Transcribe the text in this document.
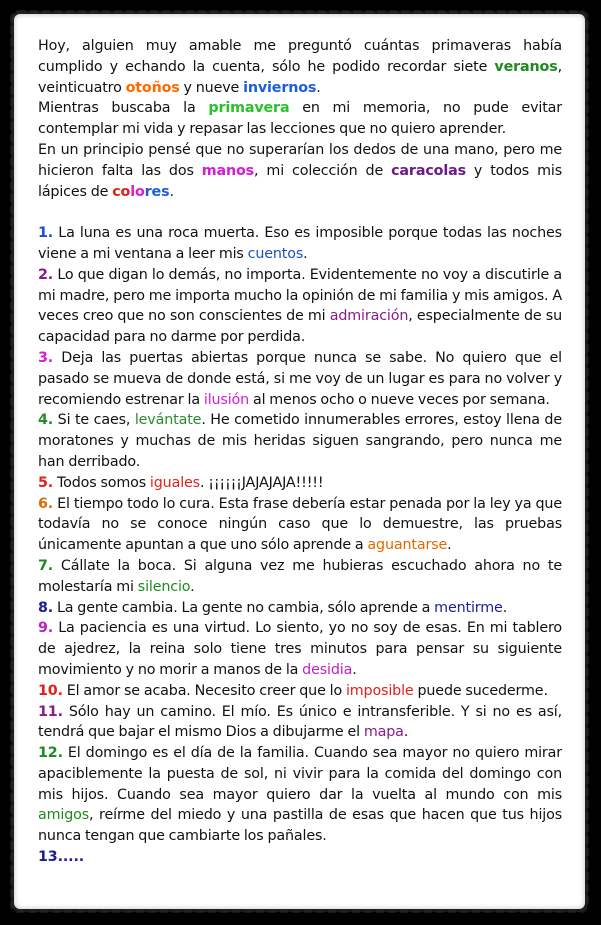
Hoy, alguien muy amable me preguntó cuántas primaveras había cumplido y echando la cuenta, sólo he podido recordar siete veranos, veinticuatro otoños y nueve inviernos.

Mientras buscaba la primavera en mi memoria, no pude evitar contemplar mi vida y repasar las lecciones que no quiero aprender.

En un principio pensé que no superarían los dedos de una mano, pero me hicieron falta las dos manos, mi colección de caracolas y todos mis lápices de colores.

1. La luna es una roca muerta. Eso es imposible porque todas las noches viene a mi ventana a leer mis cuentos.

2. Lo que digan lo demás, no importa. Evidentemente no voy a discutirle a mi madre, pero me importa mucho la opinión de mi familia y mis amigos. A veces creo que no son conscientes de mi admiración, especialmente de su capacidad para no darme por perdida.

3. Deja las puertas abiertas porque nunca se sabe. No quiero que el pasado se mueva de donde está, si me voy de un lugar es para no volver y recomiendo estrenar la ilusión al menos ocho o nueve veces por semana.

4. Si te caes, levántate. He cometido innumerables errores, estoy llena de moratones y muchas de mis heridas siguen sangrando, pero nunca me han derribado.

5. Todos somos iguales. ¡¡¡¡¡¡JAJAJAJA!!!!!

6. El tiempo todo lo cura. Esta frase debería estar penada por la ley ya que todavía no se conoce ningún caso que lo demuestre, las pruebas únicamente apuntan a que uno sólo aprende a aguantarse.

7. Cállate la boca. Si alguna vez me hubieras escuchado ahora no te molestaría mi silencio.

8. La gente cambia. La gente no cambia, sólo aprende a mentirme.

9. La paciencia es una virtud. Lo siento, yo no soy de esas. En mi tablero de ajedrez, la reina solo tiene tres minutos para pensar su siguiente movimiento y no morir a manos de la desidia.

10. El amor se acaba. Necesito creer que lo imposible puede sucederme.

11. Sólo hay un camino. El mío. Es único e intransferible. Y si no es así, tendrá que bajar el mismo Dios a dibujarme el mapa.

12. El domingo es el día de la familia. Cuando sea mayor no quiero mirar apaciblemente la puesta de sol, ni vivir para la comida del domingo con mis hijos. Cuando sea mayor quiero dar la vuelta al mundo con mis amigos, reírme del miedo y una pastilla de esas que hacen que tus hijos nunca tengan que cambiarte los pañales.

13.....
